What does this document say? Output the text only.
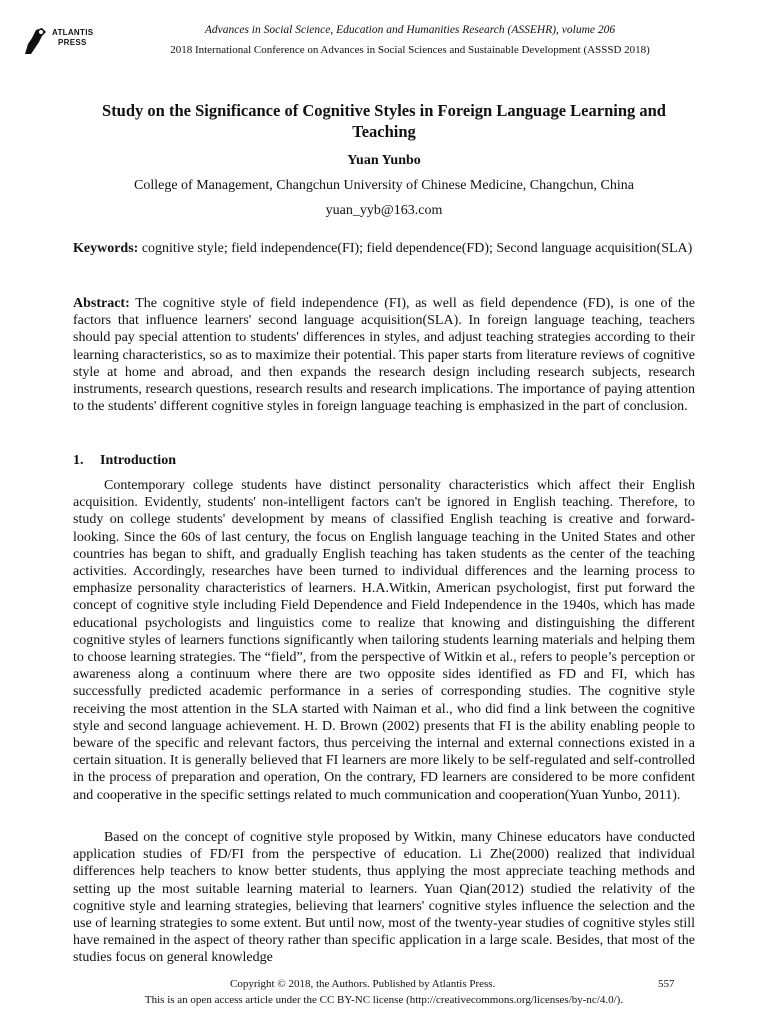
ATLANTIS
PRESS
Advances in Social Science, Education and Humanities Research (ASSEHR), volume 206
2018 International Conference on Advances in Social Sciences and Sustainable Development (ASSSD 2018)
Study on the Significance of Cognitive Styles in Foreign Language Learning and Teaching
Yuan Yunbo
College of Management, Changchun University of Chinese Medicine, Changchun, China
yuan_yyb@163.com

Keywords: cognitive style; field independence(FI); field dependence(FD); Second language acquisition(SLA)

Abstract: The cognitive style of field independence (FI), as well as field dependence (FD), is one of the factors that influence learners' second language acquisition(SLA). In foreign language teaching, teachers should pay special attention to students' differences in styles, and adjust teaching strategies according to their learning characteristics, so as to maximize their potential. This paper starts from literature reviews of cognitive style at home and abroad, and then expands the research design including research subjects, research instruments, research questions, research results and research implications. The importance of paying attention to the students' different cognitive styles in foreign language teaching is emphasized in the part of conclusion.

1. Introduction

Contemporary college students have distinct personality characteristics which affect their English acquisition. Evidently, students' non-intelligent factors can't be ignored in English teaching. Therefore, to study on college students' development by means of classified English teaching is creative and forward-looking. Since the 60s of last century, the focus on English language teaching in the United States and other countries has began to shift, and gradually English teaching has taken students as the center of the teaching activities. Accordingly, researches have been turned to individual differences and the learning process to emphasize personality characteristics of learners. H.A.Witkin, American psychologist, first put forward the concept of cognitive style including Field Dependence and Field Independence in the 1940s, which has made educational psychologists and linguistics come to realize that knowing and distinguishing the different cognitive styles of learners functions significantly when tailoring students learning materials and helping them to choose learning strategies. The “field”, from the perspective of Witkin et al., refers to people’s perception or awareness along a continuum where there are two opposite sides identified as FD and FI, which has successfully predicted academic performance in a series of corresponding studies. The cognitive style receiving the most attention in the SLA started with Naiman et al., who did find a link between the cognitive style and second language achievement. H. D. Brown (2002) presents that FI is the ability enabling people to beware of the specific and relevant factors, thus perceiving the internal and external connections existed in a certain situation. It is generally believed that FI learners are more likely to be self-regulated and self-controlled in the process of preparation and operation, On the contrary, FD learners are considered to be more confident and cooperative in the specific settings related to much communication and cooperation(Yuan Yunbo, 2011).

Based on the concept of cognitive style proposed by Witkin, many Chinese educators have conducted application studies of FD/FI from the perspective of education. Li Zhe(2000) realized that individual differences help teachers to know better students, thus applying the most appreciate teaching methods and setting up the most suitable learning material to learners. Yuan Qian(2012) studied the relativity of the cognitive style and learning strategies, believing that learners' cognitive styles influence the selection and the use of learning strategies to some extent. But until now, most of the twenty-year studies of cognitive styles still have remained in the aspect of theory rather than specific application in a large scale. Besides, that most of the studies focus on general knowledge

Copyright © 2018, the Authors. Published by Atlantis Press.	557
This is an open access article under the CC BY-NC license (http://creativecommons.org/licenses/by-nc/4.0/).
